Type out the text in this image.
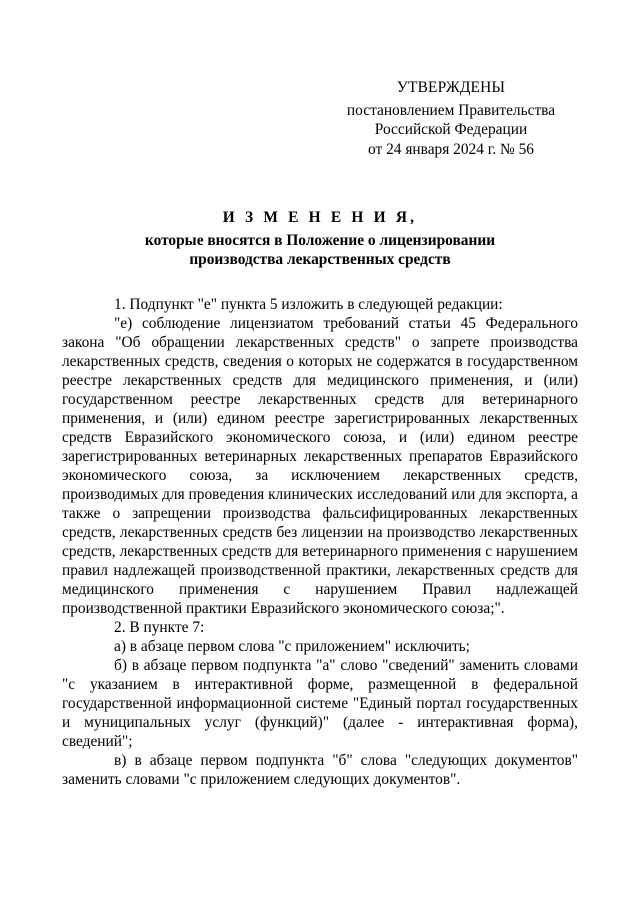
УТВЕРЖДЕНЫ
постановлением Правительства
Российской Федерации
от 24 января 2024 г. № 56
И З М Е Н Е Н И Я,
которые вносятся в Положение о лицензировании
производства лекарственных средств

1. Подпункт "е" пункта 5 изложить в следующей редакции:

"е) соблюдение лицензиатом требований статьи 45 Федерального закона "Об обращении лекарственных средств" о запрете производства лекарственных средств, сведения о которых не содержатся в государственном реестре лекарственных средств для медицинского применения, и (или) государственном реестре лекарственных средств для ветеринарного применения, и (или) едином реестре зарегистрированных лекарственных средств Евразийского экономического союза, и (или) едином реестре зарегистрированных ветеринарных лекарственных препаратов Евразийского экономического союза, за исключением лекарственных средств, производимых для проведения клинических исследований или для экспорта, а также о запрещении производства фальсифицированных лекарственных средств, лекарственных средств без лицензии на производство лекарственных средств, лекарственных средств для ветеринарного применения с нарушением правил надлежащей производственной практики, лекарственных средств для медицинского применения с нарушением Правил надлежащей производственной практики Евразийского экономического союза;".

2. В пункте 7:

а) в абзаце первом слова "с приложением" исключить;

б) в абзаце первом подпункта "а" слово "сведений" заменить словами "с указанием в интерактивной форме, размещенной в федеральной государственной информационной системе "Единый портал государственных и муниципальных услуг (функций)" (далее - интерактивная форма), сведений";

в) в абзаце первом подпункта "б" слова "следующих документов" заменить словами "с приложением следующих документов".
